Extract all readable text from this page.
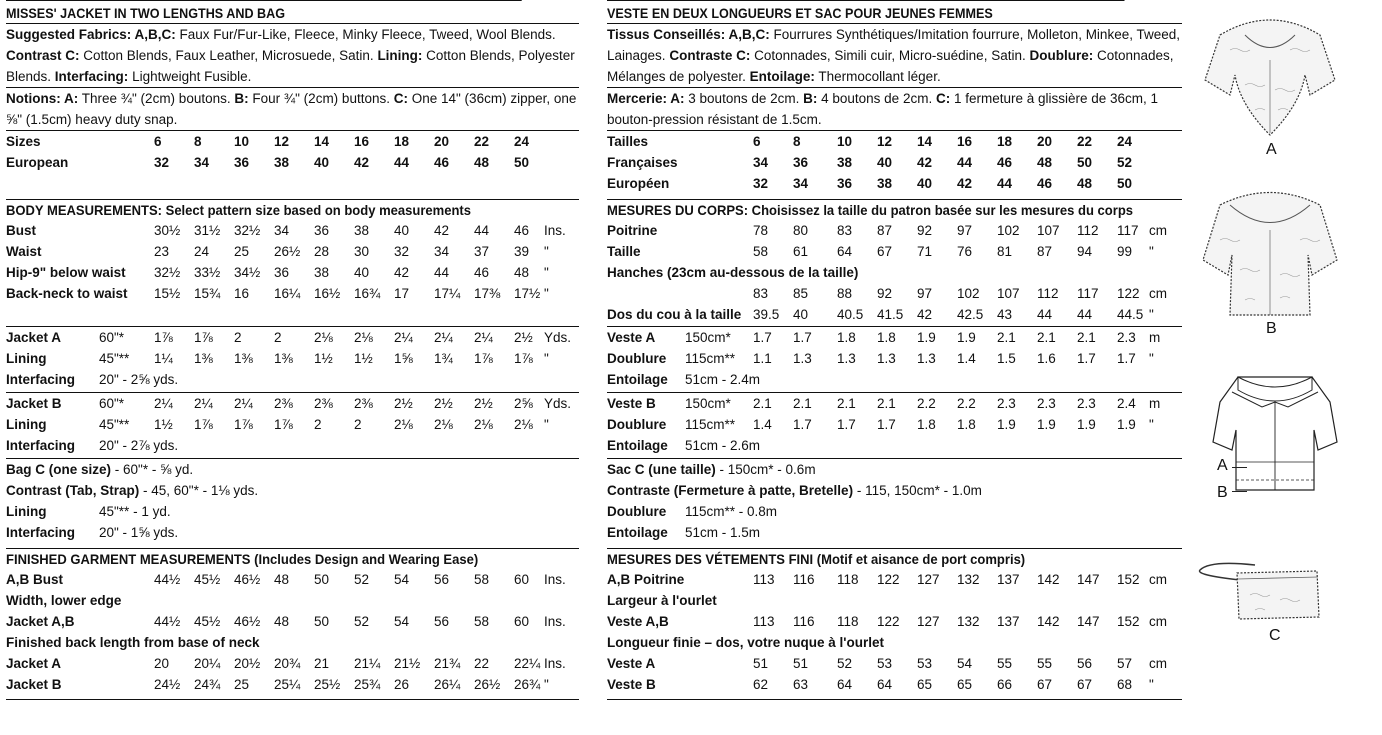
MISSES' JACKET IN TWO LENGTHS AND BAG
Suggested Fabrics: A,B,C: Faux Fur/Fur-Like, Fleece, Minky Fleece, Tweed, Wool Blends.
Contrast C: Cotton Blends, Faux Leather, Microsuede, Satin. Lining: Cotton Blends, Polyester Blends. Interfacing: Lightweight Fusible.
Notions: A: Three ¾" (2cm) boutons. B: Four ¾" (2cm) buttons. C: One 14" (36cm) zipper, one ⅝" (1.5cm) heavy duty snap.
Sizes	6 8 10 12 14 16 18 20 22 24
European	32 34 36 38 40 42 44 46 48 50
BODY MEASUREMENTS: Select pattern size based on body measurements
Bust	30½ 31½ 32½ 34 36 38 40 42 44 46 Ins.
Waist	23 24 25 26½ 28 30 32 34 37 39 "
Hip-9" below waist 32½ 33½ 34½ 36 38 40 42 44 46 48 "
Back-neck to waist 15½ 15¾ 16 16¼ 16½ 16¾ 17 17¼ 17⅜ 17½ "
Jacket A	60"* 1⅞ 1⅞ 2 2 2⅛ 2⅛ 2¼ 2¼ 2¼ 2½ Yds.
Lining	45"** 1¼ 1⅜ 1⅜ 1⅜ 1½ 1½ 1⅝ 1¾ 1⅞ 1⅞ "
Interfacing 20" - 2⅝ yds.
Jacket B	60"* 2¼ 2¼ 2¼ 2⅜ 2⅜ 2⅜ 2½ 2½ 2½ 2⅝ Yds.
Lining	45"** 1½ 1⅞ 1⅞ 1⅞ 2 2 2⅛ 2⅛ 2⅛ 2⅛ "
Interfacing 20" - 2⅞ yds.
Bag C (one size) - 60"* - ⅝ yd.
Contrast (Tab, Strap) - 45, 60"* - 1⅛ yds.
Lining	45"** - 1 yd.
Interfacing 20" - 1⅝ yds.
FINISHED GARMENT MEASUREMENTS (Includes Design and Wearing Ease)
A,B Bust	44½ 45½ 46½ 48 50 52 54 56 58 60 Ins.
Width, lower edge
Jacket A,B	44½ 45½ 46½ 48 50 52 54 56 58 60 Ins.
Finished back length from base of neck
Jacket A	20 20¼ 20½ 20¾ 21 21¼ 21½ 21¾ 22 22¼ Ins.
Jacket B	24½ 24¾ 25 25¼ 25½ 25¾ 26 26¼ 26½ 26¾ "
VESTE EN DEUX LONGUEURS ET SAC POUR JEUNES FEMMES
Tissus Conseillés: A,B,C: Fourrures Synthétiques/Imitation fourrure, Molleton, Minkee, Tweed, Lainages. Contraste C: Cotonnades, Simili cuir, Micro-suédine, Satin. Doublure: Cotonnades, Mélanges de polyester. Entoilage: Thermocollant léger.
Mercerie: A: 3 boutons de 2cm. B: 4 boutons de 2cm. C: 1 fermeture à glissière de 36cm, 1 bouton-pression résistant de 1.5cm.
Tailles	6 8	10 12 14 16 18 20 22 24
Françaises	34 36 38 40 42 44 46 48 50 52
Européen	32 34 36 38 40 42 44 46 48 50
MESURES DU CORPS: Choisissez la taille du patron basée sur les mesures du corps
Poitrine	78 80 83 87 92 97 102 107 112 117 cm
Taille	58 61 64 67 71 76 81 87 94 99 "
Hanches (23cm au-dessous de la taille)
83 85 88 92 97 102 107 112 117 122 cm
Dos du cou à la taille 39.5 40 40.5 41.5 42 42.5 43 44 44 44.5 "
Veste A 150cm* 1.7 1.7 1.8 1.8 1.9 1.9 2.1 2.1 2.1 2.3 m
Doublure 115cm** 1.1 1.3 1.3 1.3 1.3 1.4 1.5 1.6 1.7 1.7 "
Entoilage 51cm - 2.4m
Veste B 150cm* 2.1 2.1 2.1 2.1 2.2 2.2 2.3 2.3 2.3 2.4 m
Doublure 115cm** 1.4 1.7 1.7 1.7 1.8 1.8 1.9 1.9 1.9 1.9 "
Entoilage 51cm - 2.6m
Sac C (une taille) - 150cm* - 0.6m
Contraste (Fermeture à patte, Bretelle) - 115, 150cm* - 1.0m
Doublure 115cm** - 0.8m
Entoilage 51cm - 1.5m
MESURES DES VÉTEMENTS FINI (Motif et aisance de port compris)
A,B Poitrine	113 116 118 122 127 132 137 142 147 152 cm
Largeur à l'ourlet
Veste A,B	113 116 118 122 127 132 137 142 147 152 cm
Longueur finie – dos, votre nuque à l'ourlet
Veste A	51 51 52 53 53 54 55 55 56 57 cm
Veste B	62 63 64 64 65 65 66 67 67 68 "
A
B
A
B
C
